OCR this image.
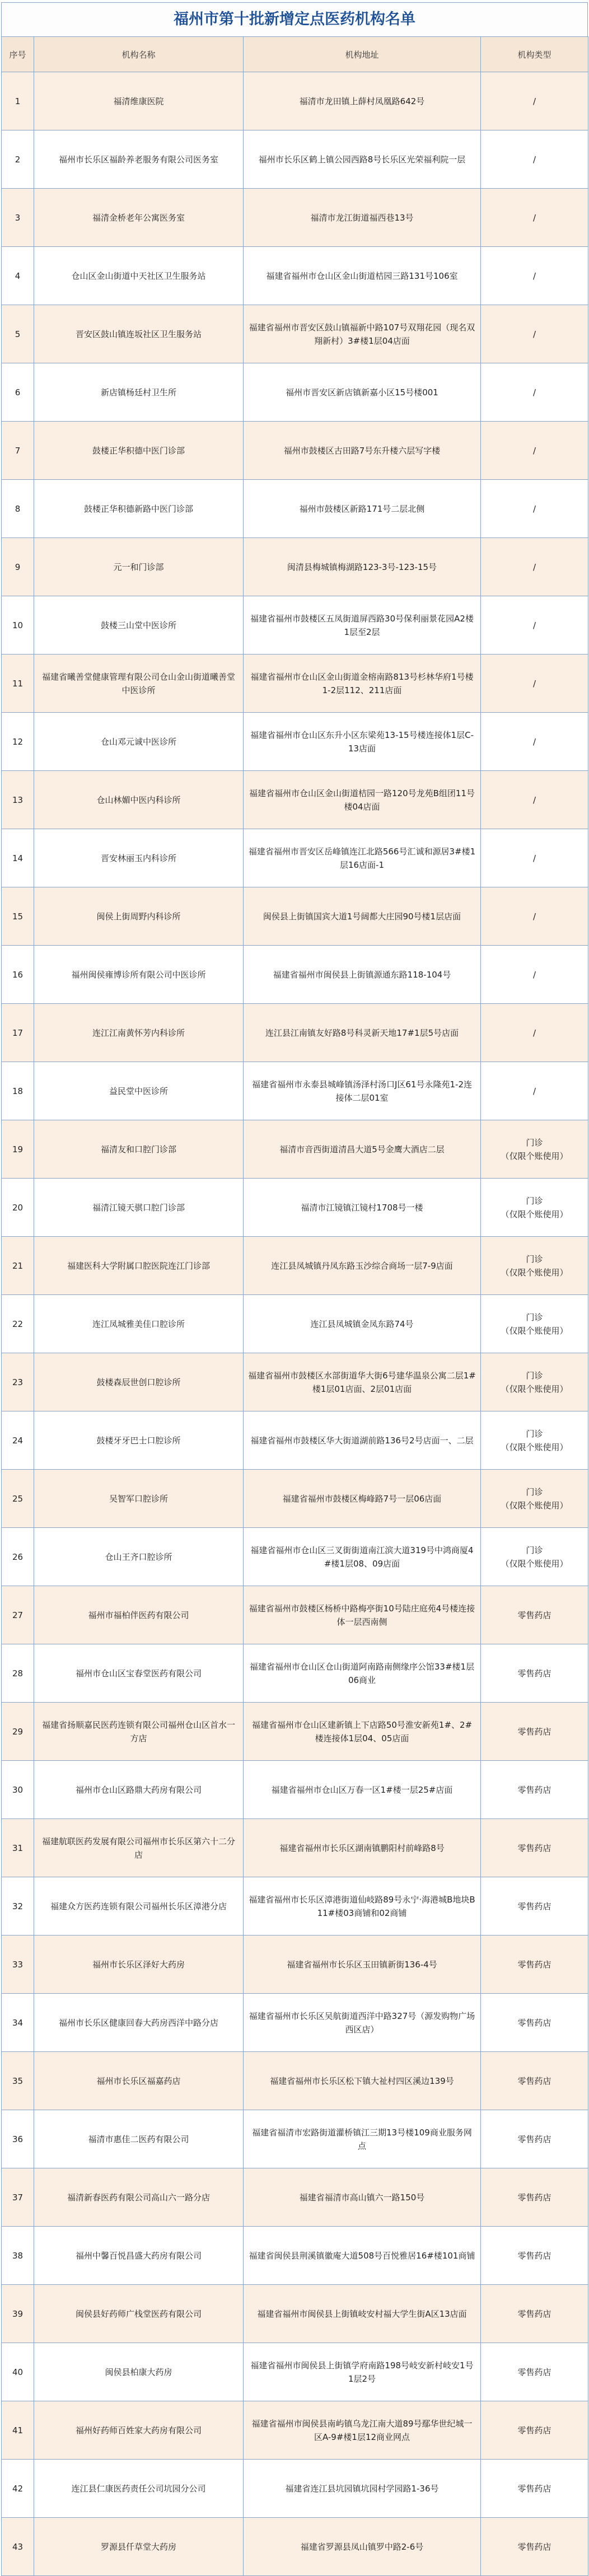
福州市第十批新增定点医药机构名单
序号	机构名称	机构地址	机构类型
1	福清维康医院	福清市龙田镇上薛村凤凰路642号	/
2	福州市长乐区福龄养老服务有限公司医务室	福州市长乐区鹤上镇公园西路8号长乐区光荣福利院一层	/
3	福清金桥老年公寓医务室	福清市龙江街道福西巷13号	/
4	仓山区金山街道中天社区卫生服务站	福建省福州市仓山区金山街道桔园三路131号106室	/
5	晋安区鼓山镇连坂社区卫生服务站	福建省福州市晋安区鼓山镇福新中路107号双翔花园（现名双翔新村）3#楼1层04店面	/
6	新店镇杨廷村卫生所	福州市晋安区新店镇新嘉小区15号楼001	/
7	鼓楼正华积德中医门诊部	福州市鼓楼区古田路7号东升楼六层写字楼	/
8	鼓楼正华积德新路中医门诊部	福州市鼓楼区新路171号二层北侧	/
9	元一和门诊部	闽清县梅城镇梅湖路123-3号-123-15号	/
10	鼓楼三山堂中医诊所	福建省福州市鼓楼区五凤街道屏西路30号保利丽景花园A2楼1层至2层	/
11	福建省曦善堂健康管理有限公司仓山金山街道曦善堂中医诊所	福建省福州市仓山区金山街道金榕南路813号杉林华府1号楼1-2层112、211店面	/
12	仓山邓元诚中医诊所	福建省福州市仓山区东升小区东梁苑13-15号楼连接体1层C-13店面	/
13	仓山林媚中医内科诊所	福建省福州市仓山区金山街道桔园一路120号龙苑B组团11号楼04店面	/
14	晋安林丽玉内科诊所	福建省福州市晋安区岳峰镇连江北路566号汇诚和源居3#楼1层16店面-1	/
15	闽侯上街周野内科诊所	闽侯县上街镇国宾大道1号阔都大庄园90号楼1层店面	/
16	福州闽侯雍博诊所有限公司中医诊所	福建省福州市闽侯县上街镇源通东路118-104号	/
17	连江江南黄怀芳内科诊所	连江县江南镇友好路8号科灵新天地17#1层5号店面	/
18	益民堂中医诊所	福建省福州市永泰县城峰镇汤泽村汤口J区61号永隆苑1-2连接体二层01室	/
19	福清友和口腔门诊部	福清市音西街道清昌大道5号金鹰大酒店二层	门诊
（仅限个账使用）
20	福清江镜天骐口腔门诊部	福清市江镜镇江镜村1708号一楼	门诊
（仅限个账使用）
21	福建医科大学附属口腔医院连江门诊部	连江县凤城镇丹凤东路玉沙综合商场一层7-9店面	门诊
（仅限个账使用）
22	连江凤城雅美佳口腔诊所	连江县凤城镇金凤东路74号	门诊
（仅限个账使用）
23	鼓楼森辰世创口腔诊所	福建省福州市鼓楼区水部街道华大街6号建华温泉公寓二层1#楼1层01店面、2层01店面	门诊
（仅限个账使用）
24	鼓楼牙牙巴士口腔诊所	福建省福州市鼓楼区华大街道湖前路136号2号店面一、二层	门诊
（仅限个账使用）
25	吴智军口腔诊所	福建省福州市鼓楼区梅峰路7号一层06店面	门诊
（仅限个账使用）
26	仓山王齐口腔诊所	福建省福州市仓山区三叉街街道南江滨大道319号中鸿商厦4#楼1层08、09店面	门诊
（仅限个账使用）
27	福州市福柏伴医药有限公司	福建省福州市鼓楼区杨桥中路梅亭街10号陆庄庭苑4号楼连接体一层西南侧	零售药店
28	福州市仓山区宝春堂医药有限公司	福建省福州市仓山区仓山街道阿南路南侧缘序公馆33#楼1层06商业	零售药店
29	福建省扬顺嘉民医药连锁有限公司福州仓山区首水一方店	福建省福州市仓山区建新镇上下店路50号淮安新苑1#、2#楼连接体1层04、05店面	零售药店
30	福州市仓山区路鼎大药房有限公司	福建省福州市仓山区万春一区1#楼一层25#店面	零售药店
31	福建航联医药发展有限公司福州市长乐区第六十二分店	福建省福州市长乐区湖南镇鹏阳村前峰路8号	零售药店
32	福建众方医药连锁有限公司福州长乐区漳港分店	福建省福州市长乐区漳港街道仙岐路89号永宁·海港城B地块B11#楼03商铺和02商铺	零售药店
33	福州市长乐区泽好大药房	福建省福州市长乐区玉田镇新街136-4号	零售药店
34	福州市长乐区健康回春大药房西洋中路分店	福建省福州市长乐区吴航街道西洋中路327号（源发购物广场西区店）	零售药店
35	福州市长乐区福嘉药店	福建省福州市长乐区松下镇大祉村四区溪边139号	零售药店
36	福清市惠佳二医药有限公司	福建省福清市宏路街道灌桥镇江三期13号楼109商业服务网点	零售药店
37	福清新春医药有限公司高山六一路分店	福建省福清市高山镇六一路150号	零售药店
38	福州中馨百悦昌盛大药房有限公司	福建省闽侯县荆溪镇徽庵大道508号百悦雅居16#楼101商铺	零售药店
39	闽侯县好药师广栈堂医药有限公司	福建省福州市闽侯县上街镇岐安村福大学生街A区13店面	零售药店
40	闽侯县柏康大药房	福建省福州市闽侯县上街镇学府南路198号岐安新村岐安1号1层2号	零售药店
41	福州好药师百姓家大药房有限公司	福建省福州市闽侯县南屿镇乌龙江南大道89号鄢华世纪城一区A-9#楼1层12商业网点	零售药店
42	连江县仁康医药责任公司坑园分公司	福建省连江县坑园镇坑园村学园路1-36号	零售药店
43	罗源县仟草堂大药房	福建省罗源县凤山镇罗中路2-6号	零售药店
